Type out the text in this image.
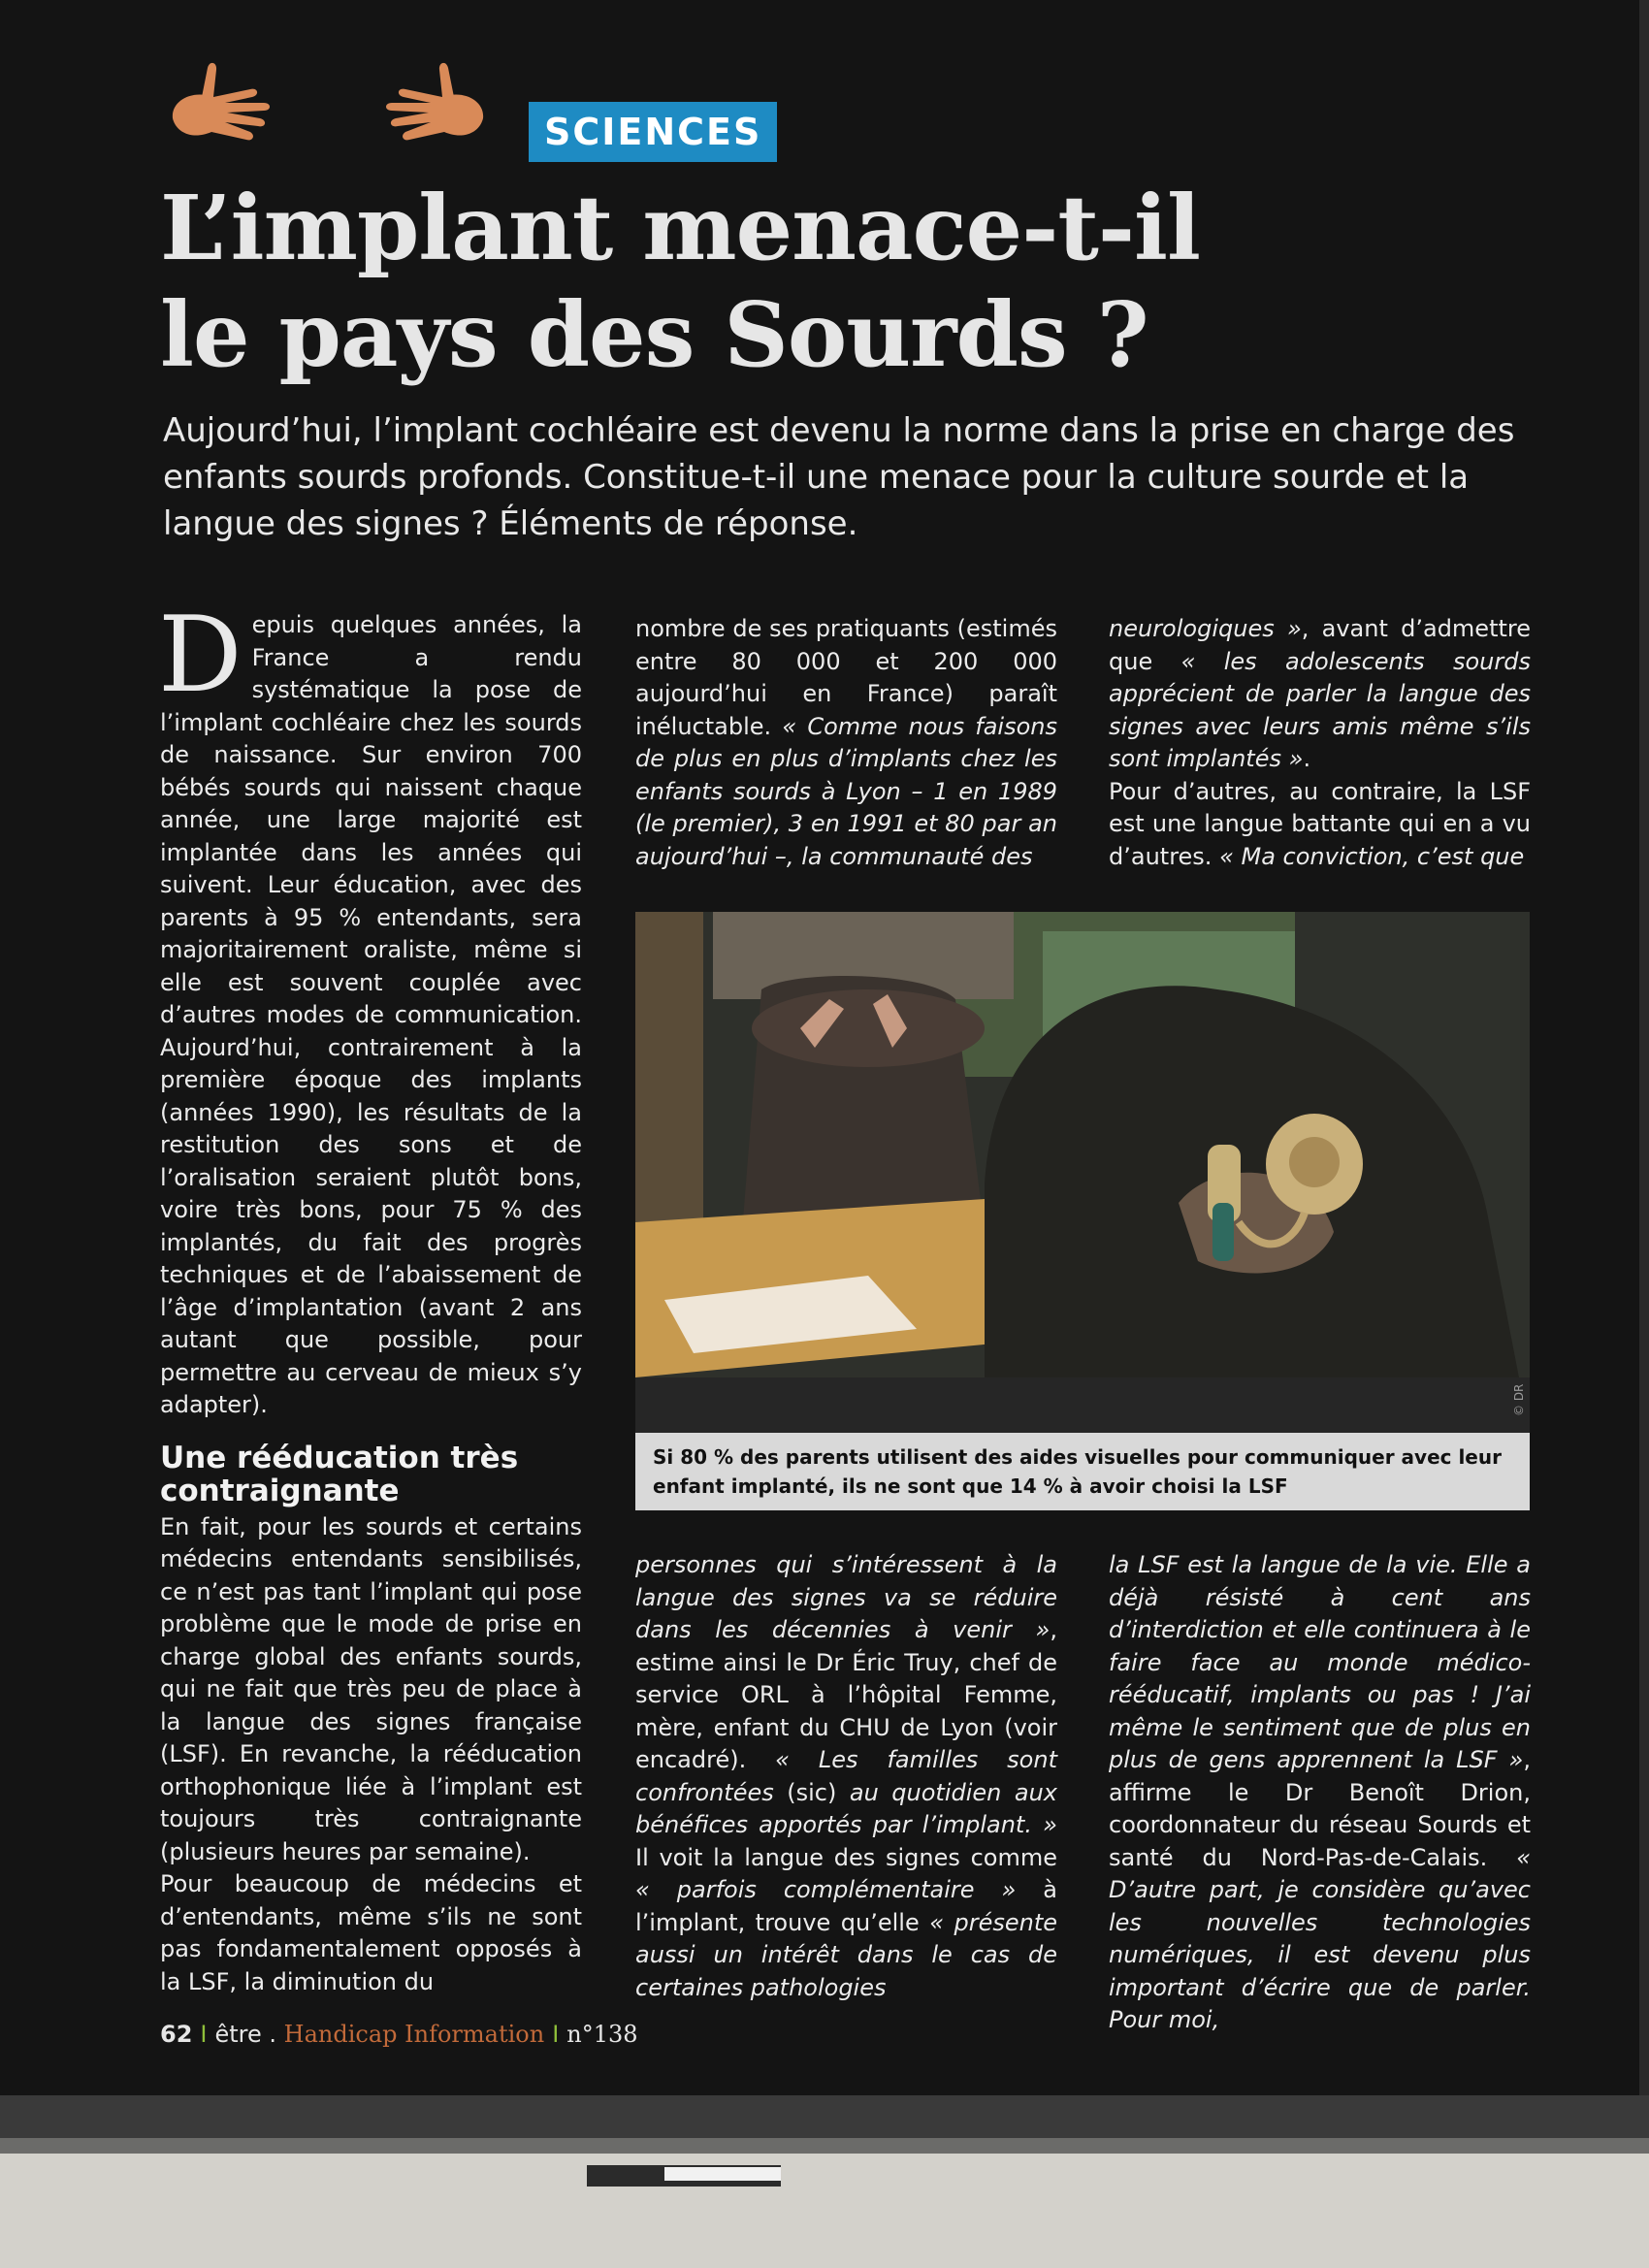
SCIENCES
L’implant menace-t-il
le pays des Sourds ?

Aujourd’hui, l’implant cochléaire est devenu la norme dans la prise en charge des enfants sourds profonds. Constitue-t-il une menace pour la culture sourde et la langue des signes ? Éléments de réponse.

Depuis quelques années, la France a rendu systématique la pose de l’implant cochléaire chez les sourds de naissance. Sur environ 700 bébés sourds qui naissent chaque année, une large majorité est implantée dans les années qui suivent. Leur éducation, avec des parents à 95 % entendants, sera majoritairement oraliste, même si elle est souvent couplée avec d’autres modes de communication. Aujourd’hui, contrairement à la première époque des implants (années 1990), les résultats de la restitution des sons et de l’oralisation seraient plutôt bons, voire très bons, pour 75 % des implantés, du fait des progrès techniques et de l’abaissement de l’âge d’implantation (avant 2 ans autant que possible, pour permettre au cerveau de mieux s’y adapter).

Une rééducation très contraignante

En fait, pour les sourds et certains médecins entendants sensibilisés, ce n’est pas tant l’implant qui pose problème que le mode de prise en charge global des enfants sourds, qui ne fait que très peu de place à la langue des signes française (LSF). En revanche, la rééducation orthophonique liée à l’implant est toujours très contraignante (plusieurs heures par semaine).

Pour beaucoup de médecins et d’entendants, même s’ils ne sont pas fondamentalement opposés à la LSF, la diminution du

nombre de ses pratiquants (estimés entre 80 000 et 200 000 aujourd’hui en France) paraît inéluctable. « Comme nous faisons de plus en plus d’implants chez les enfants sourds à Lyon – 1 en 1989 (le premier), 3 en 1991 et 80 par an aujourd’hui –, la communauté des

neurologiques », avant d’admettre que « les adolescents sourds apprécient de parler la langue des signes avec leurs amis même s’ils sont implantés ».

Pour d’autres, au contraire, la LSF est une langue battante qui en a vu d’autres. « Ma conviction, c’est que

© DR
Si 80 % des parents utilisent des aides visuelles pour communiquer avec leur enfant implanté, ils ne sont que 14 % à avoir choisi la LSF

personnes qui s’intéressent à la langue des signes va se réduire dans les décennies à venir », estime ainsi le Dr Éric Truy, chef de service ORL à l’hôpital Femme, mère, enfant du CHU de Lyon (voir encadré). « Les familles sont confrontées (sic) au quotidien aux bénéfices apportés par l’implant. » Il voit la langue des signes comme « parfois complémentaire » à l’implant, trouve qu’elle « présente aussi un intérêt dans le cas de certaines pathologies

la LSF est la langue de la vie. Elle a déjà résisté à cent ans d’interdiction et elle continuera à le faire face au monde médico-rééducatif, implants ou pas ! J’ai même le sentiment que de plus en plus de gens apprennent la LSF », affirme le Dr Benoît Drion, coordonnateur du réseau Sourds et santé du Nord-Pas-de-Calais. « D’autre part, je considère qu’avec les nouvelles technologies numériques, il est devenu plus important d’écrire que de parler. Pour moi,

62 I être . Handicap Information I n°138
